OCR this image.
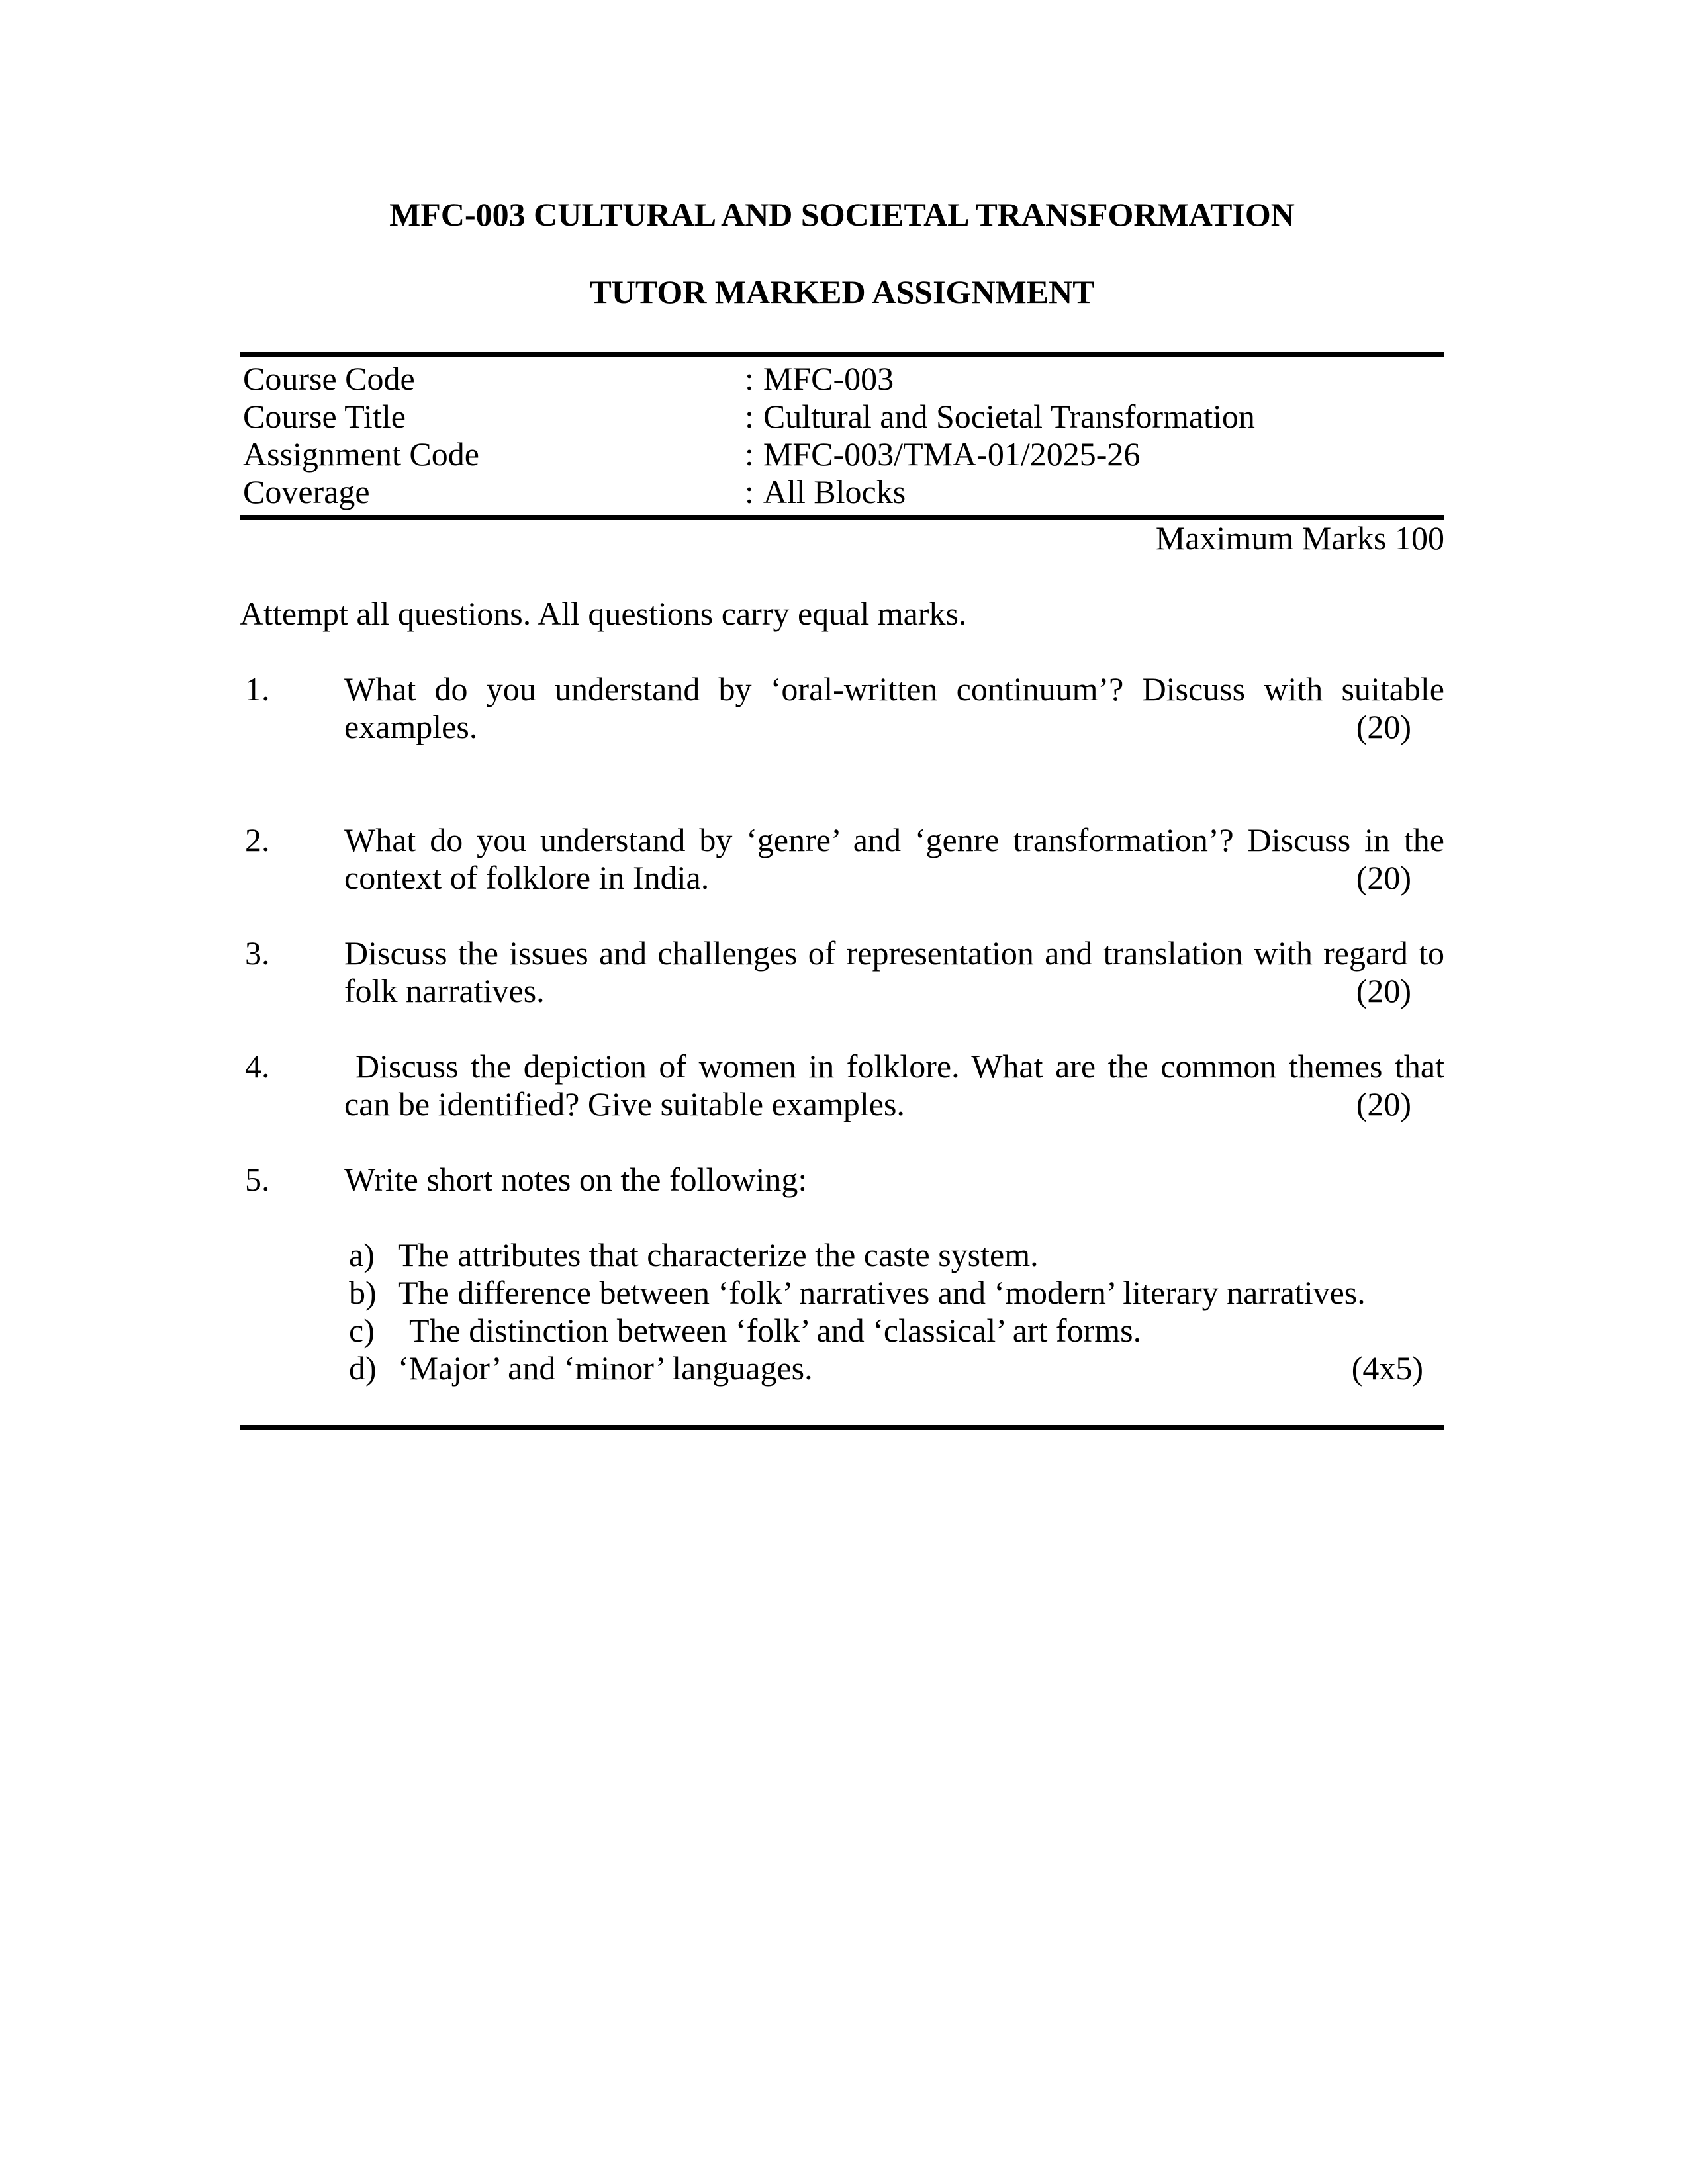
MFC-003 CULTURAL AND SOCIETAL TRANSFORMATION
TUTOR MARKED ASSIGNMENT
Course Code	: MFC-003
Course Title	: Cultural and Societal Transformation
Assignment Code	: MFC-003/TMA-01/2025-26
Coverage	: All Blocks
Maximum Marks 100

Attempt all questions. All questions carry equal marks.

1.	What do you understand by ‘oral-written continuum’? Discuss with suitable examples.	(20)
2.	What do you understand by ‘genre’ and ‘genre transformation’? Discuss in the context of folklore in India.	(20)
3.	Discuss the issues and challenges of representation and translation with regard to folk narratives.	(20)
4.	Discuss the depiction of women in folklore. What are the common themes that can be identified? Give suitable examples.	(20)
5.	Write short notes on the following:

a) The attributes that characterize the caste system.
b) The difference between ‘folk’ narratives and ‘modern’ literary narratives.
c)	The distinction between ‘folk’ and ‘classical’ art forms.
d) ‘Major’ and ‘minor’ languages.	(4x5)
